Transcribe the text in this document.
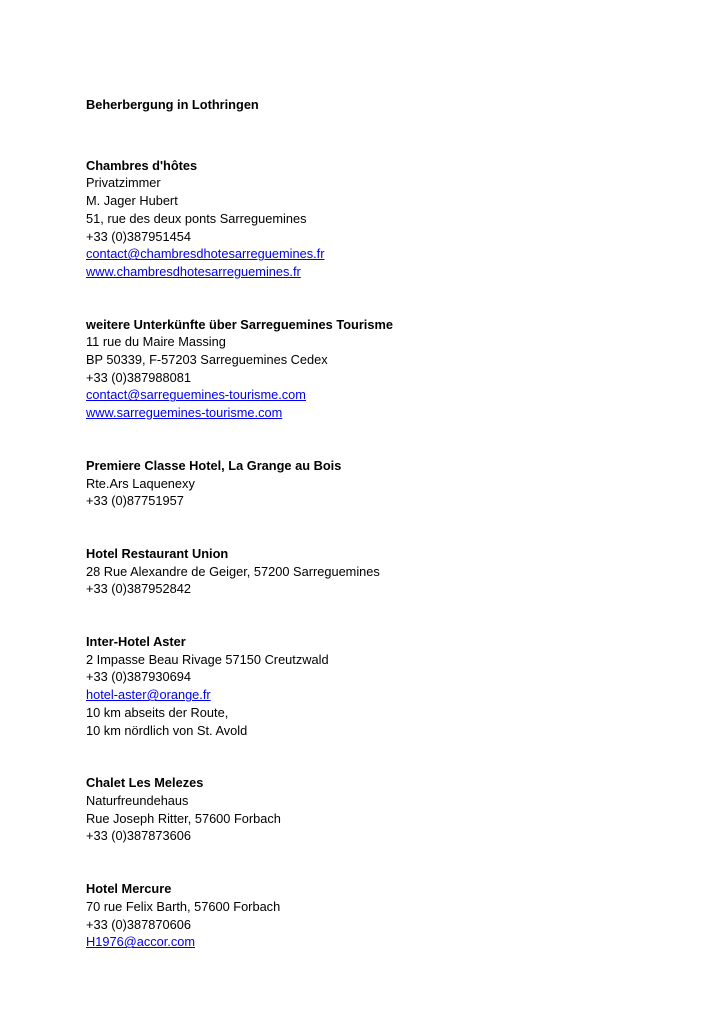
Beherbergung in Lothringen
Chambres d'hôtes
Privatzimmer
M. Jager Hubert
51, rue des deux ponts Sarreguemines
+33 (0)387951454
contact@chambresdhotesarreguemines.fr
www.chambresdhotesarreguemines.fr
weitere Unterkünfte über Sarreguemines Tourisme
11 rue du Maire Massing
BP 50339, F-57203 Sarreguemines Cedex
+33 (0)387988081
contact@sarreguemines-tourisme.com
www.sarreguemines-tourisme.com
Premiere Classe Hotel, La Grange au Bois
Rte.Ars Laquenexy
+33 (0)87751957
Hotel Restaurant Union
28 Rue Alexandre de Geiger, 57200 Sarreguemines
+33 (0)387952842
Inter-Hotel Aster
2 Impasse Beau Rivage 57150 Creutzwald
+33 (0)387930694
hotel-aster@orange.fr
10 km abseits der Route,
10 km nördlich von St. Avold
Chalet Les Melezes
Naturfreundehaus
Rue Joseph Ritter, 57600 Forbach
+33 (0)387873606
Hotel Mercure
70 rue Felix Barth, 57600 Forbach
+33 (0)387870606
H1976@accor.com
